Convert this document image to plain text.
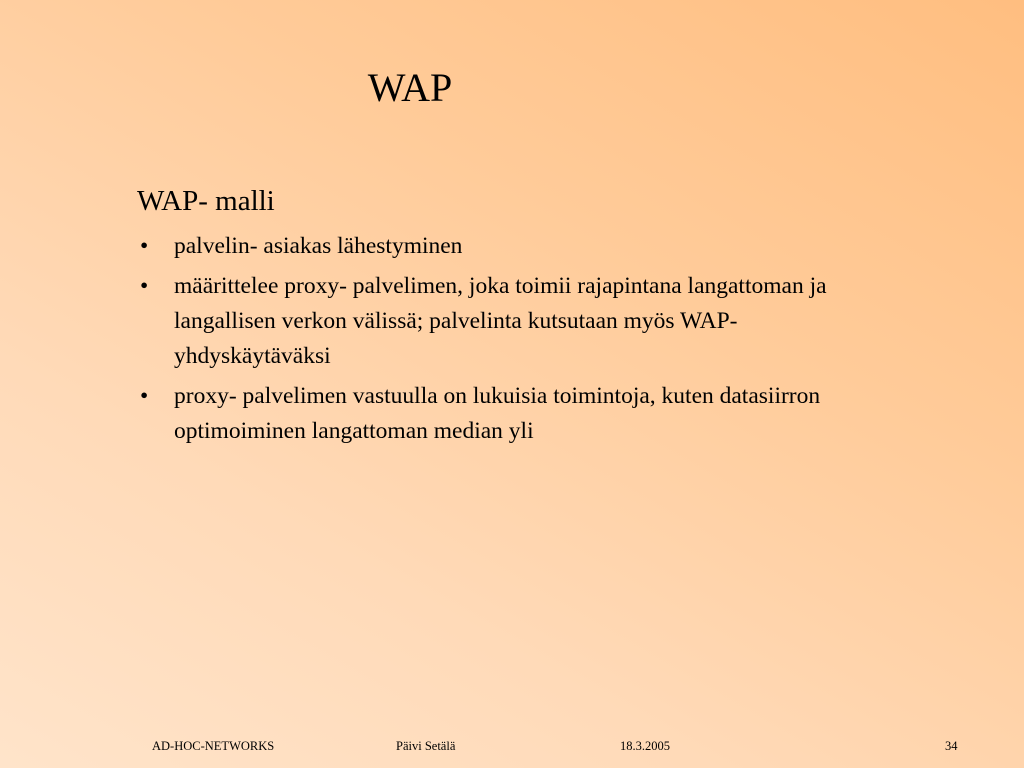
WAP
WAP- malli
• palvelin- asiakas lähestyminen
• määrittelee proxy- palvelimen, joka toimii rajapintana langattoman ja langallisen verkon välissä; palvelinta kutsutaan myös WAP- yhdyskäytäväksi
• proxy- palvelimen vastuulla on lukuisia toimintoja, kuten datasiirron optimoiminen langattoman median yli
AD-HOC-NETWORKS	Päivi Setälä	18.3.2005	34
